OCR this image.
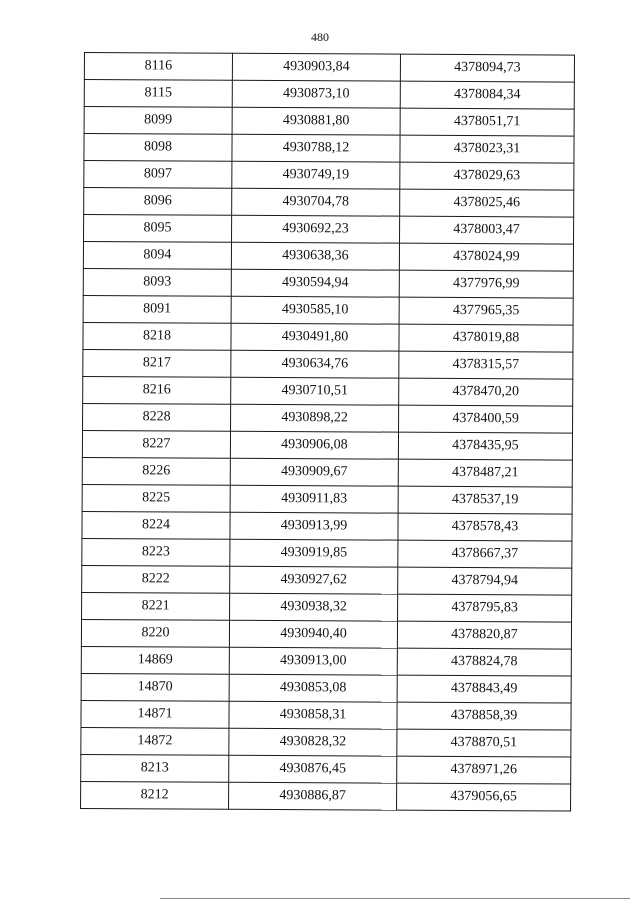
480
8116	4930903,84	4378094,73
8115	4930873,10	4378084,34
8099	4930881,80	4378051,71
8098	4930788,12	4378023,31
8097	4930749,19	4378029,63
8096	4930704,78	4378025,46
8095	4930692,23	4378003,47
8094	4930638,36	4378024,99
8093	4930594,94	4377976,99
8091	4930585,10	4377965,35
8218	4930491,80	4378019,88
8217	4930634,76	4378315,57
8216	4930710,51	4378470,20
8228	4930898,22	4378400,59
8227	4930906,08	4378435,95
8226	4930909,67	4378487,21
8225	4930911,83	4378537,19
8224	4930913,99	4378578,43
8223	4930919,85	4378667,37
8222	4930927,62	4378794,94
8221	4930938,32	4378795,83
8220	4930940,40	4378820,87
14869	4930913,00	4378824,78
14870	4930853,08	4378843,49
14871	4930858,31	4378858,39
14872	4930828,32	4378870,51
8213	4930876,45	4378971,26
8212	4930886,87	4379056,65
